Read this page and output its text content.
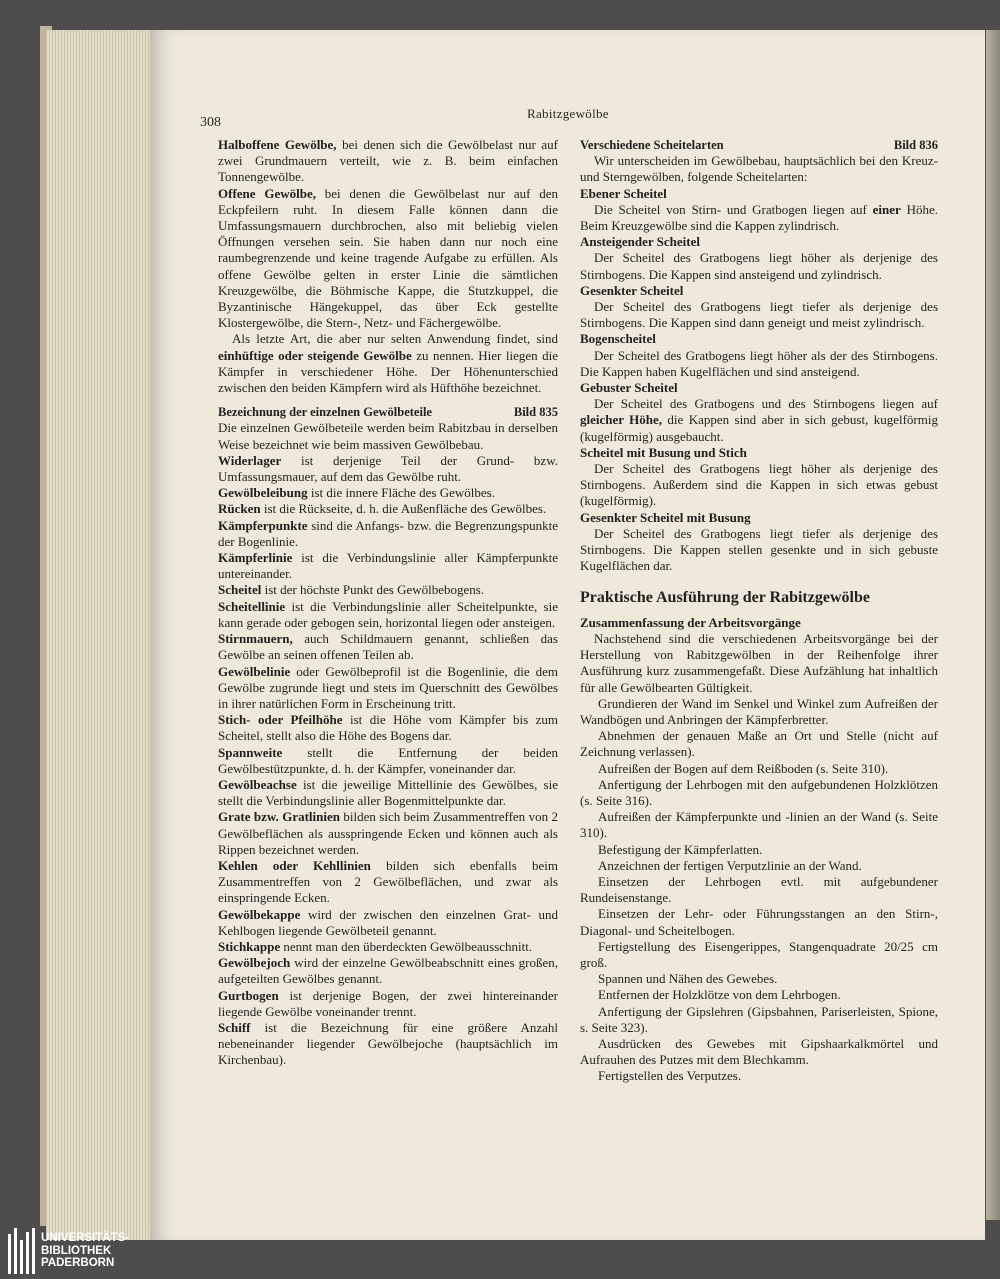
308
Rabitzgewölbe

Halboffene Gewölbe, bei denen sich die Gewölbelast nur auf zwei Grundmauern verteilt, wie z. B. beim einfachen Tonnengewölbe.

Offene Gewölbe, bei denen die Gewölbelast nur auf den Eckpfeilern ruht. In diesem Falle können dann die Umfassungsmauern durchbrochen, also mit beliebig vielen Öffnungen versehen sein. Sie haben dann nur noch eine raumbegrenzende und keine tragende Aufgabe zu erfüllen. Als offene Gewölbe gelten in erster Linie die sämtlichen Kreuzgewölbe, die Böhmische Kappe, die Stutzkuppel, die Byzantinische Hängekuppel, das über Eck gestellte Klostergewölbe, die Stern-, Netz- und Fächergewölbe.

Als letzte Art, die aber nur selten Anwendung findet, sind einhüftige oder steigende Gewölbe zu nennen. Hier liegen die Kämpfer in verschiedener Höhe. Der Höhenunterschied zwischen den beiden Kämpfern wird als Hüfthöhe bezeichnet.

Bezeichnung der einzelnen Gewölbeteile	Bild 835

Die einzelnen Gewölbeteile werden beim Rabitzbau in derselben Weise bezeichnet wie beim massiven Gewölbebau.

Widerlager ist derjenige Teil der Grund- bzw. Umfassungsmauer, auf dem das Gewölbe ruht.

Gewölbeleibung ist die innere Fläche des Gewölbes.

Rücken ist die Rückseite, d. h. die Außenfläche des Gewölbes.

Kämpferpunkte sind die Anfangs- bzw. die Begrenzungspunkte der Bogenlinie.

Kämpferlinie ist die Verbindungslinie aller Kämpferpunkte untereinander.

Scheitel ist der höchste Punkt des Gewölbebogens.

Scheitellinie ist die Verbindungslinie aller Scheitelpunkte, sie kann gerade oder gebogen sein, horizontal liegen oder ansteigen.

Stirnmauern, auch Schildmauern genannt, schließen das Gewölbe an seinen offenen Teilen ab.

Gewölbelinie oder Gewölbeprofil ist die Bogenlinie, die dem Gewölbe zugrunde liegt und stets im Querschnitt des Gewölbes in ihrer natürlichen Form in Erscheinung tritt.

Stich- oder Pfeilhöhe ist die Höhe vom Kämpfer bis zum Scheitel, stellt also die Höhe des Bogens dar.

Spannweite stellt die Entfernung der beiden Gewölbestützpunkte, d. h. der Kämpfer, voneinander dar.

Gewölbeachse ist die jeweilige Mittellinie des Gewölbes, sie stellt die Verbindungslinie aller Bogenmittelpunkte dar.

Grate bzw. Gratlinien bilden sich beim Zusammentreffen von 2 Gewölbeflächen als ausspringende Ecken und können auch als Rippen bezeichnet werden.

Kehlen oder Kehllinien bilden sich ebenfalls beim Zusammentreffen von 2 Gewölbeflächen, und zwar als einspringende Ecken.

Gewölbekappe wird der zwischen den einzelnen Grat- und Kehlbogen liegende Gewölbeteil genannt.

Stichkappe nennt man den überdeckten Gewölbeausschnitt.

Gewölbejoch wird der einzelne Gewölbeabschnitt eines großen, aufgeteilten Gewölbes genannt.

Gurtbogen ist derjenige Bogen, der zwei hintereinander liegende Gewölbe voneinander trennt.

Schiff ist die Bezeichnung für eine größere Anzahl nebeneinander liegender Gewölbejoche (hauptsächlich im Kirchenbau).

Verschiedene Scheitelarten	Bild 836

Wir unterscheiden im Gewölbebau, hauptsächlich bei den Kreuz- und Sterngewölben, folgende Scheitelarten:

Ebener Scheitel

Die Scheitel von Stirn- und Gratbogen liegen auf einer Höhe. Beim Kreuzgewölbe sind die Kappen zylindrisch.

Ansteigender Scheitel

Der Scheitel des Gratbogens liegt höher als derjenige des Stirnbogens. Die Kappen sind ansteigend und zylindrisch.

Gesenkter Scheitel

Der Scheitel des Gratbogens liegt tiefer als derjenige des Stirnbogens. Die Kappen sind dann geneigt und meist zylindrisch.

Bogenscheitel

Der Scheitel des Gratbogens liegt höher als der des Stirnbogens. Die Kappen haben Kugelflächen und sind ansteigend.

Gebuster Scheitel

Der Scheitel des Gratbogens und des Stirnbogens liegen auf gleicher Höhe, die Kappen sind aber in sich gebust, kugelförmig (kugelförmig) ausgebaucht.

Scheitel mit Busung und Stich

Der Scheitel des Gratbogens liegt höher als derjenige des Stirnbogens. Außerdem sind die Kappen in sich etwas gebust (kugelförmig).

Gesenkter Scheitel mit Busung

Der Scheitel des Gratbogens liegt tiefer als derjenige des Stirnbogens. Die Kappen stellen gesenkte und in sich gebuste Kugelflächen dar.

Praktische Ausführung der Rabitzgewölbe
Zusammenfassung der Arbeitsvorgänge

Nachstehend sind die verschiedenen Arbeitsvorgänge bei der Herstellung von Rabitzgewölben in der Reihenfolge ihrer Ausführung kurz zusammengefaßt. Diese Aufzählung hat inhaltlich für alle Gewölbearten Gültigkeit.

Grundieren der Wand im Senkel und Winkel zum Aufreißen der Wandbögen und Anbringen der Kämpferbretter.

Abnehmen der genauen Maße an Ort und Stelle (nicht auf Zeichnung verlassen).

Aufreißen der Bogen auf dem Reißboden (s. Seite 310).

Anfertigung der Lehrbogen mit den aufgebundenen Holzklötzen (s. Seite 316).

Aufreißen der Kämpferpunkte und -linien an der Wand (s. Seite 310).

Befestigung der Kämpferlatten.

Anzeichnen der fertigen Verputzlinie an der Wand.

Einsetzen der Lehrbogen evtl. mit aufgebundener Rundeisenstange.

Einsetzen der Lehr- oder Führungsstangen an den Stirn-, Diagonal- und Scheitelbogen.

Fertigstellung des Eisengerippes, Stangenquadrate 20/25 cm groß.

Spannen und Nähen des Gewebes.

Entfernen der Holzklötze von dem Lehrbogen.

Anfertigung der Gipslehren (Gipsbahnen, Pariserleisten, Spione, s. Seite 323).

Ausdrücken des Gewebes mit Gipshaarkalkmörtel und Aufrauhen des Putzes mit dem Blechkamm.

Fertigstellen des Verputzes.

UNIVERSITÄTS-
BIBLIOTHEK
PADERBORN
